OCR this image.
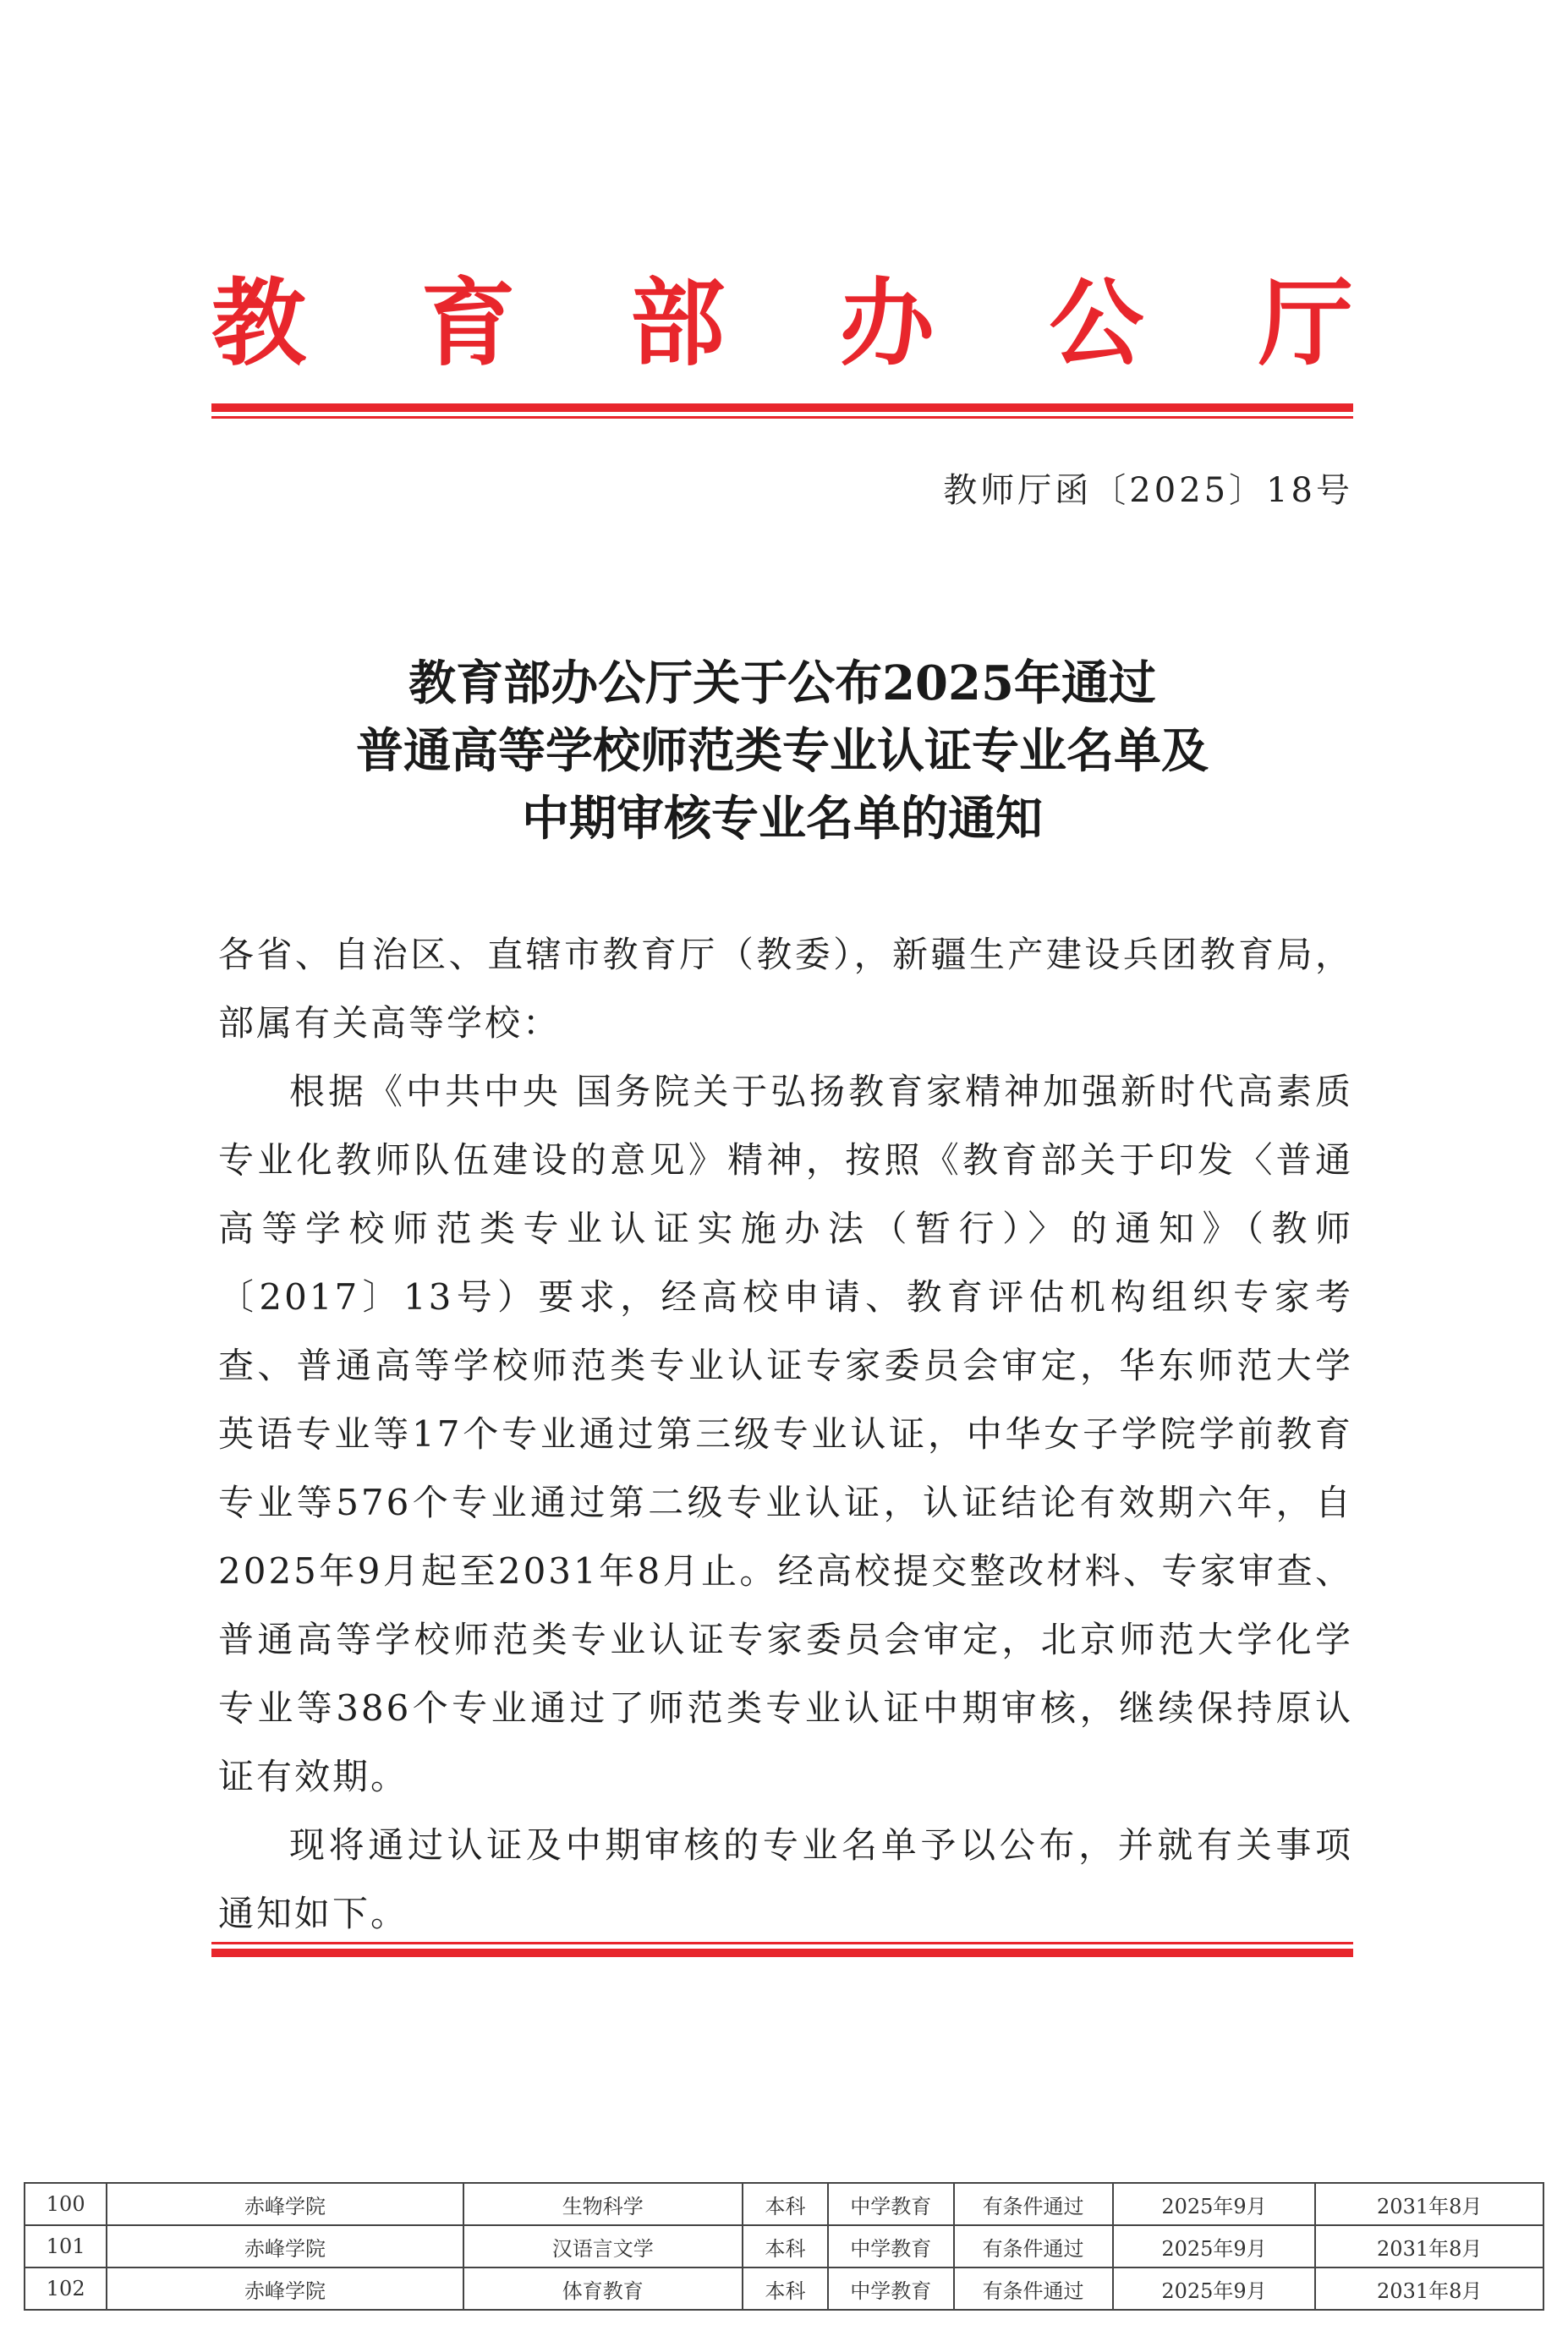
教 育 部 办 公 厅
教师厅函〔2025〕18号
教育部办公厅关于公布2025年通过
普通高等学校师范类专业认证专业名单及
中期审核专业名单的通知

各省、自治区、直辖市教育厅（教委），新疆生产建设兵团教育局，部属有关高等学校：

根据《中共中央 国务院关于弘扬教育家精神加强新时代高素质专业化教师队伍建设的意见》精神，按照《教育部关于印发〈普通高等学校师范类专业认证实施办法（暂行）〉的通知》（教师〔2017〕13号）要求，经高校申请、教育评估机构组织专家考查、普通高等学校师范类专业认证专家委员会审定，华东师范大学英语专业等17个专业通过第三级专业认证，中华女子学院学前教育专业等576个专业通过第二级专业认证，认证结论有效期六年，自2025年9月起至2031年8月止。经高校提交整改材料、专家审查、普通高等学校师范类专业认证专家委员会审定，北京师范大学化学专业等386个专业通过了师范类专业认证中期审核，继续保持原认证有效期。

现将通过认证及中期审核的专业名单予以公布，并就有关事项通知如下。

100	赤峰学院	生物科学	本科	中学教育	有条件通过	2025年9月	2031年8月
101	赤峰学院	汉语言文学	本科	中学教育	有条件通过	2025年9月	2031年8月
102	赤峰学院	体育教育	本科	中学教育	有条件通过	2025年9月	2031年8月
